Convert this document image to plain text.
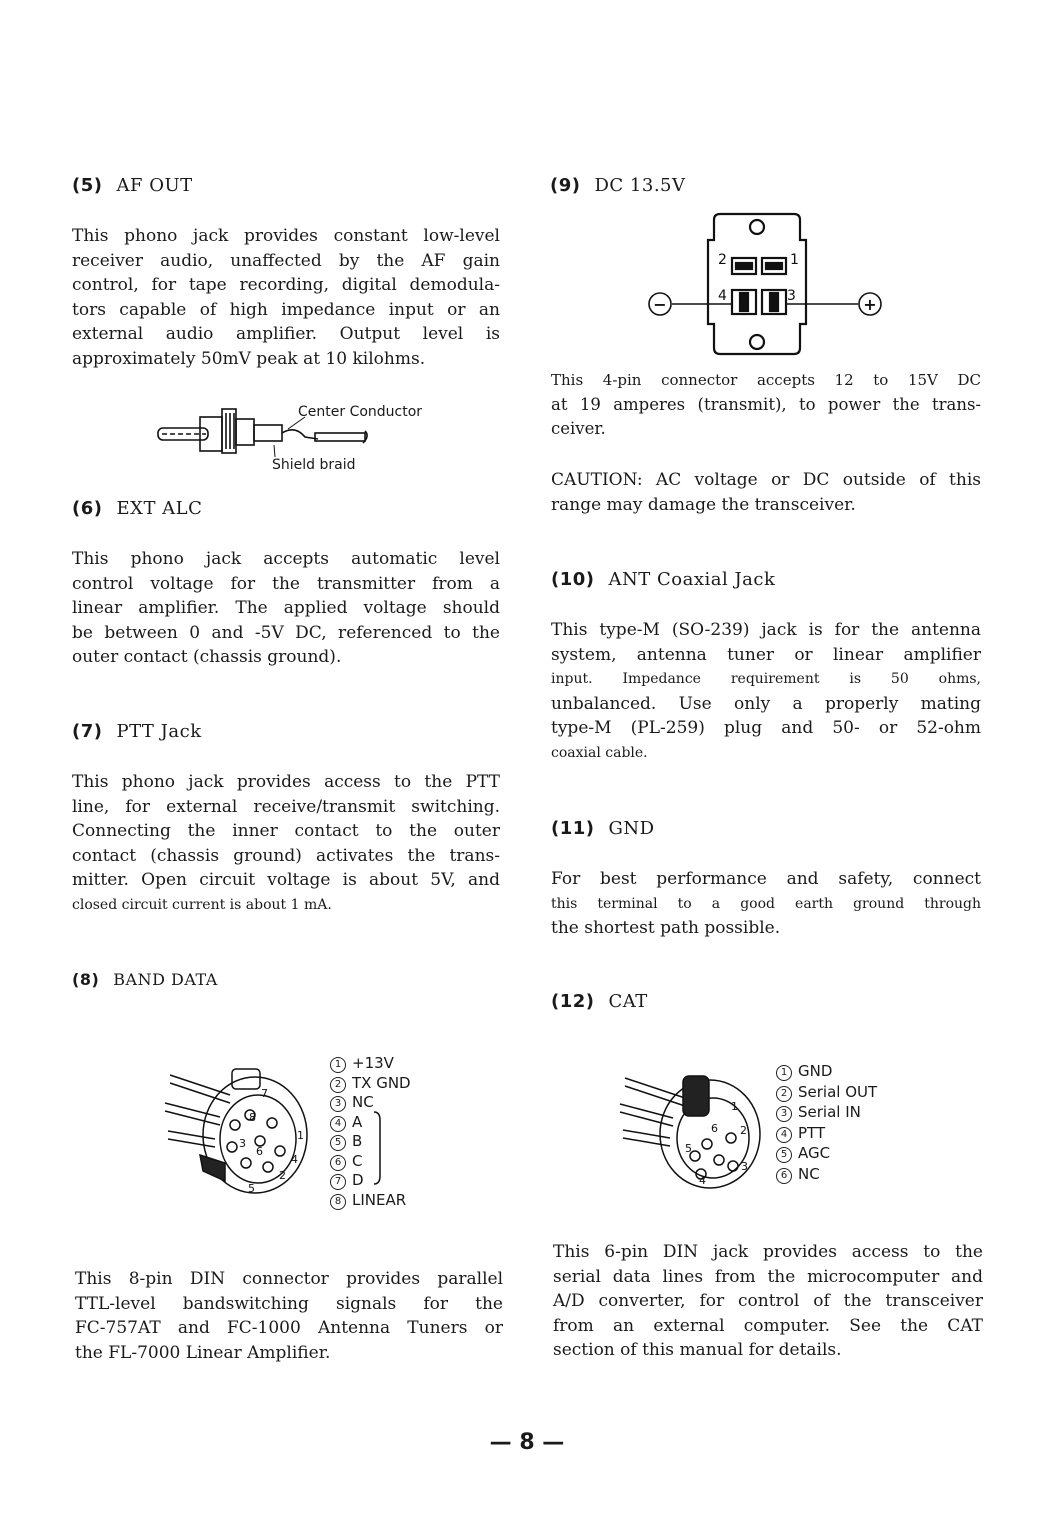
(5) AF OUT
This phono jack provides constant low-level
receiver audio, unaffected by the AF gain
control, for tape recording, digital demodula-
tors capable of high impedance input or an
external audio amplifier. Output level is
approximately 50mV peak at 10 kilohms.
Center Conductor
Shield braid
(6) EXT ALC
This phono jack accepts automatic level
control voltage for the transmitter from a
linear amplifier. The applied voltage should
be between 0 and -5V DC, referenced to the
outer contact (chassis ground).
(7) PTT Jack
This phono jack provides access to the PTT
line, for external receive/transmit switching.
Connecting the inner contact to the outer
contact (chassis ground) activates the trans-
mitter. Open circuit voltage is about 5V, and
closed circuit current is about 1 mA.
(8) BAND DATA
7
8
1
3
6
4
2
5
1 +13V
2 TX GND
3 NC
4 A
5 B
6 C
7 D
8 LINEAR
This 8-pin DIN connector provides parallel
TTL-level bandswitching signals for the
FC-757AT and FC-1000 Antenna Tuners or
the FL-7000 Linear Amplifier.
(9) DC 13.5V
2	1
4	3
−	+
This 4-pin connector accepts 12 to 15V DC
at 19 amperes (transmit), to power the trans-
ceiver.
CAUTION: AC voltage or DC outside of this
range may damage the transceiver.
(10) ANT Coaxial Jack
This type-M (SO-239) jack is for the antenna
system, antenna tuner or linear amplifier
input. Impedance requirement is 50 ohms,
unbalanced. Use only a properly mating
type-M (PL-259) plug and 50- or 52-ohm
coaxial cable.
(11) GND
For best performance and safety, connect
this terminal to a good earth ground through
the shortest path possible.
(12) CAT
1
6 2
5
4
3
1 GND
2 Serial OUT
3 Serial IN
4 PTT
5 AGC
6 NC
This 6-pin DIN jack provides access to the
serial data lines from the microcomputer and
A/D converter, for control of the transceiver
from an external computer. See the CAT
section of this manual for details.
— 8 —
